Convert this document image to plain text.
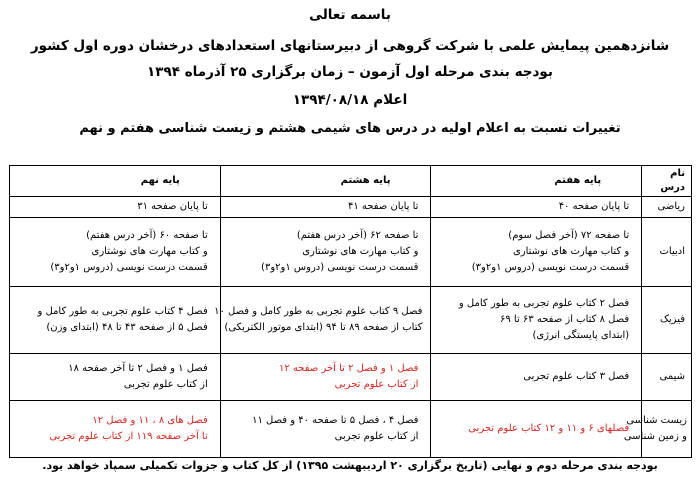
باسمه تعالی
شانزدهمین پیمایش علمی با شرکت گروهی از دبیرستانهای استعدادهای درخشان دوره اول کشور
بودجه بندی مرحله اول آزمون – زمان برگزاری ۲۵ آذرماه ۱۳۹۴
اعلام ۱۳۹۴/۰۸/۱۸
تغییرات نسبت به اعلام اولیه در درس های شیمی هشتم و زیست شناسی هفتم و نهم
نام درس	پایه هفتم	پایه هشتم	پایه نهم

ریاضی	تا پایان صفحه ۴۰	تا پایان صفحه ۴۱	تا پایان صفحه ۳۱

ادبیات	تا صفحه ۷۲ (آخر فصل سوم)
و کتاب مهارت های نوشتاری
قسمت درست نویسی (دروس ۱و۲و۳)	تا صفحه ۶۲ (آخر درس هفتم)
و کتاب مهارت های نوشتاری
قسمت درست نویسی (دروس ۱و۲و۳)	تا صفحه ۶۰ (آخر درس هفتم)
و کتاب مهارت های نوشتاری
قسمت درست نویسی (دروس ۱و۲و۳)

فیزیک	فصل ۲ کتاب علوم تجربی به طور کامل و
فصل ۸ کتاب از صفحه ۶۳ تا ۶۹
(ابتدای پایستگی انرژی)	فصل ۹ کتاب علوم تجربی به طور کامل و فصل ۱۰
کتاب از صفحه ۸۹ تا ۹۴ (ابتدای موتور الکتریکی)	فصل ۴ کتاب علوم تجربی به طور کامل و
فصل ۵ از صفحه ۴۳ تا ۴۸ (ابتدای وزن)

شیمی	فصل ۳ کتاب علوم تجربی	فصل ۱ و فصل ۲ تا آخر صفحه ۱۲
از کتاب علوم تجربی	فصل ۱ و فصل ۲ تا آخر صفحه ۱۸
از کتاب علوم تجربی

زیست شناسی
و زمین شناسی	فصلهای ۶ و ۱۱ و ۱۲ کتاب علوم تجربی	فصل ۴ ، فصل ۵ تا صفحه ۴۰ و فصل ۱۱
از کتاب علوم تجربی	فصل های ۸ ، ۱۱ و فصل ۱۲
تا آخر صفحه ۱۱۹ از کتاب علوم تجربی
بودجه بندی مرحله دوم و نهایی (تاریخ برگزاری ۲۰ اردیبهشت ۱۳۹۵) از کل کتاب و جزوات تکمیلی سمپاد خواهد بود.
